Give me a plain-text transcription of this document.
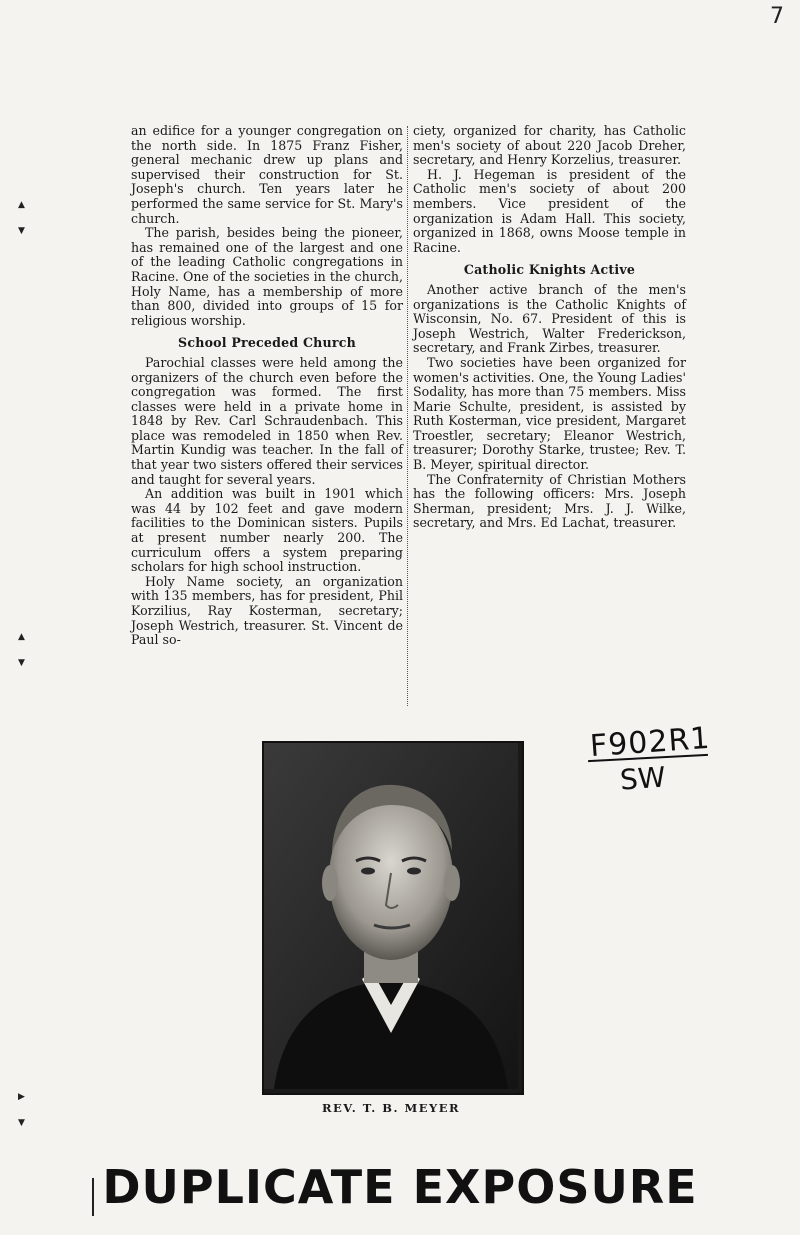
7
▲
▼
▲
▼
▶
▼

an edifice for a younger congregation on the north side. In 1875 Franz Fisher, general mechanic drew up plans and supervised their construction for St. Joseph's church. Ten years later he performed the same service for St. Mary's church.

The parish, besides being the pioneer, has remained one of the largest and one of the leading Catholic congregations in Racine. One of the societies in the church, Holy Name, has a membership of more than 800, divided into groups of 15 for religious worship.

School Preceded Church

Parochial classes were held among the organizers of the church even before the congregation was formed. The first classes were held in a private home in 1848 by Rev. Carl Schraudenbach. This place was remodeled in 1850 when Rev. Martin Kundig was teacher. In the fall of that year two sisters offered their services and taught for several years.

An addition was built in 1901 which was 44 by 102 feet and gave modern facilities to the Dominican sisters. Pupils at present number nearly 200. The curriculum offers a system preparing scholars for high school instruction.

Holy Name society, an organization with 135 members, has for president, Phil Korzilius, Ray Kosterman, secretary; Joseph Westrich, treasurer. St. Vincent de Paul so-

ciety, organized for charity, has Catholic men's society of about 220 Jacob Dreher, secretary, and Henry Korzelius, treasurer.

H. J. Hegeman is president of the Catholic men's society of about 200 members. Vice president of the organization is Adam Hall. This society, organized in 1868, owns Moose temple in Racine.

Catholic Knights Active

Another active branch of the men's organizations is the Catholic Knights of Wisconsin, No. 67. President of this is Joseph Westrich, Walter Frederickson, secretary, and Frank Zirbes, treasurer.

Two societies have been organized for women's activities. One, the Young Ladies' Sodality, has more than 75 members. Miss Marie Schulte, president, is assisted by Ruth Kosterman, vice president, Margaret Troestler, secretary; Eleanor Westrich, treasurer; Dorothy Starke, trustee; Rev. T. B. Meyer, spiritual director.

The Confraternity of Christian Mothers has the following officers: Mrs. Joseph Sherman, president; Mrs. J. J. Wilke, secretary, and Mrs. Ed Lachat, treasurer.

REV. T. B. MEYER
F902R1
SW
DUPLICATE EXPOSURE
